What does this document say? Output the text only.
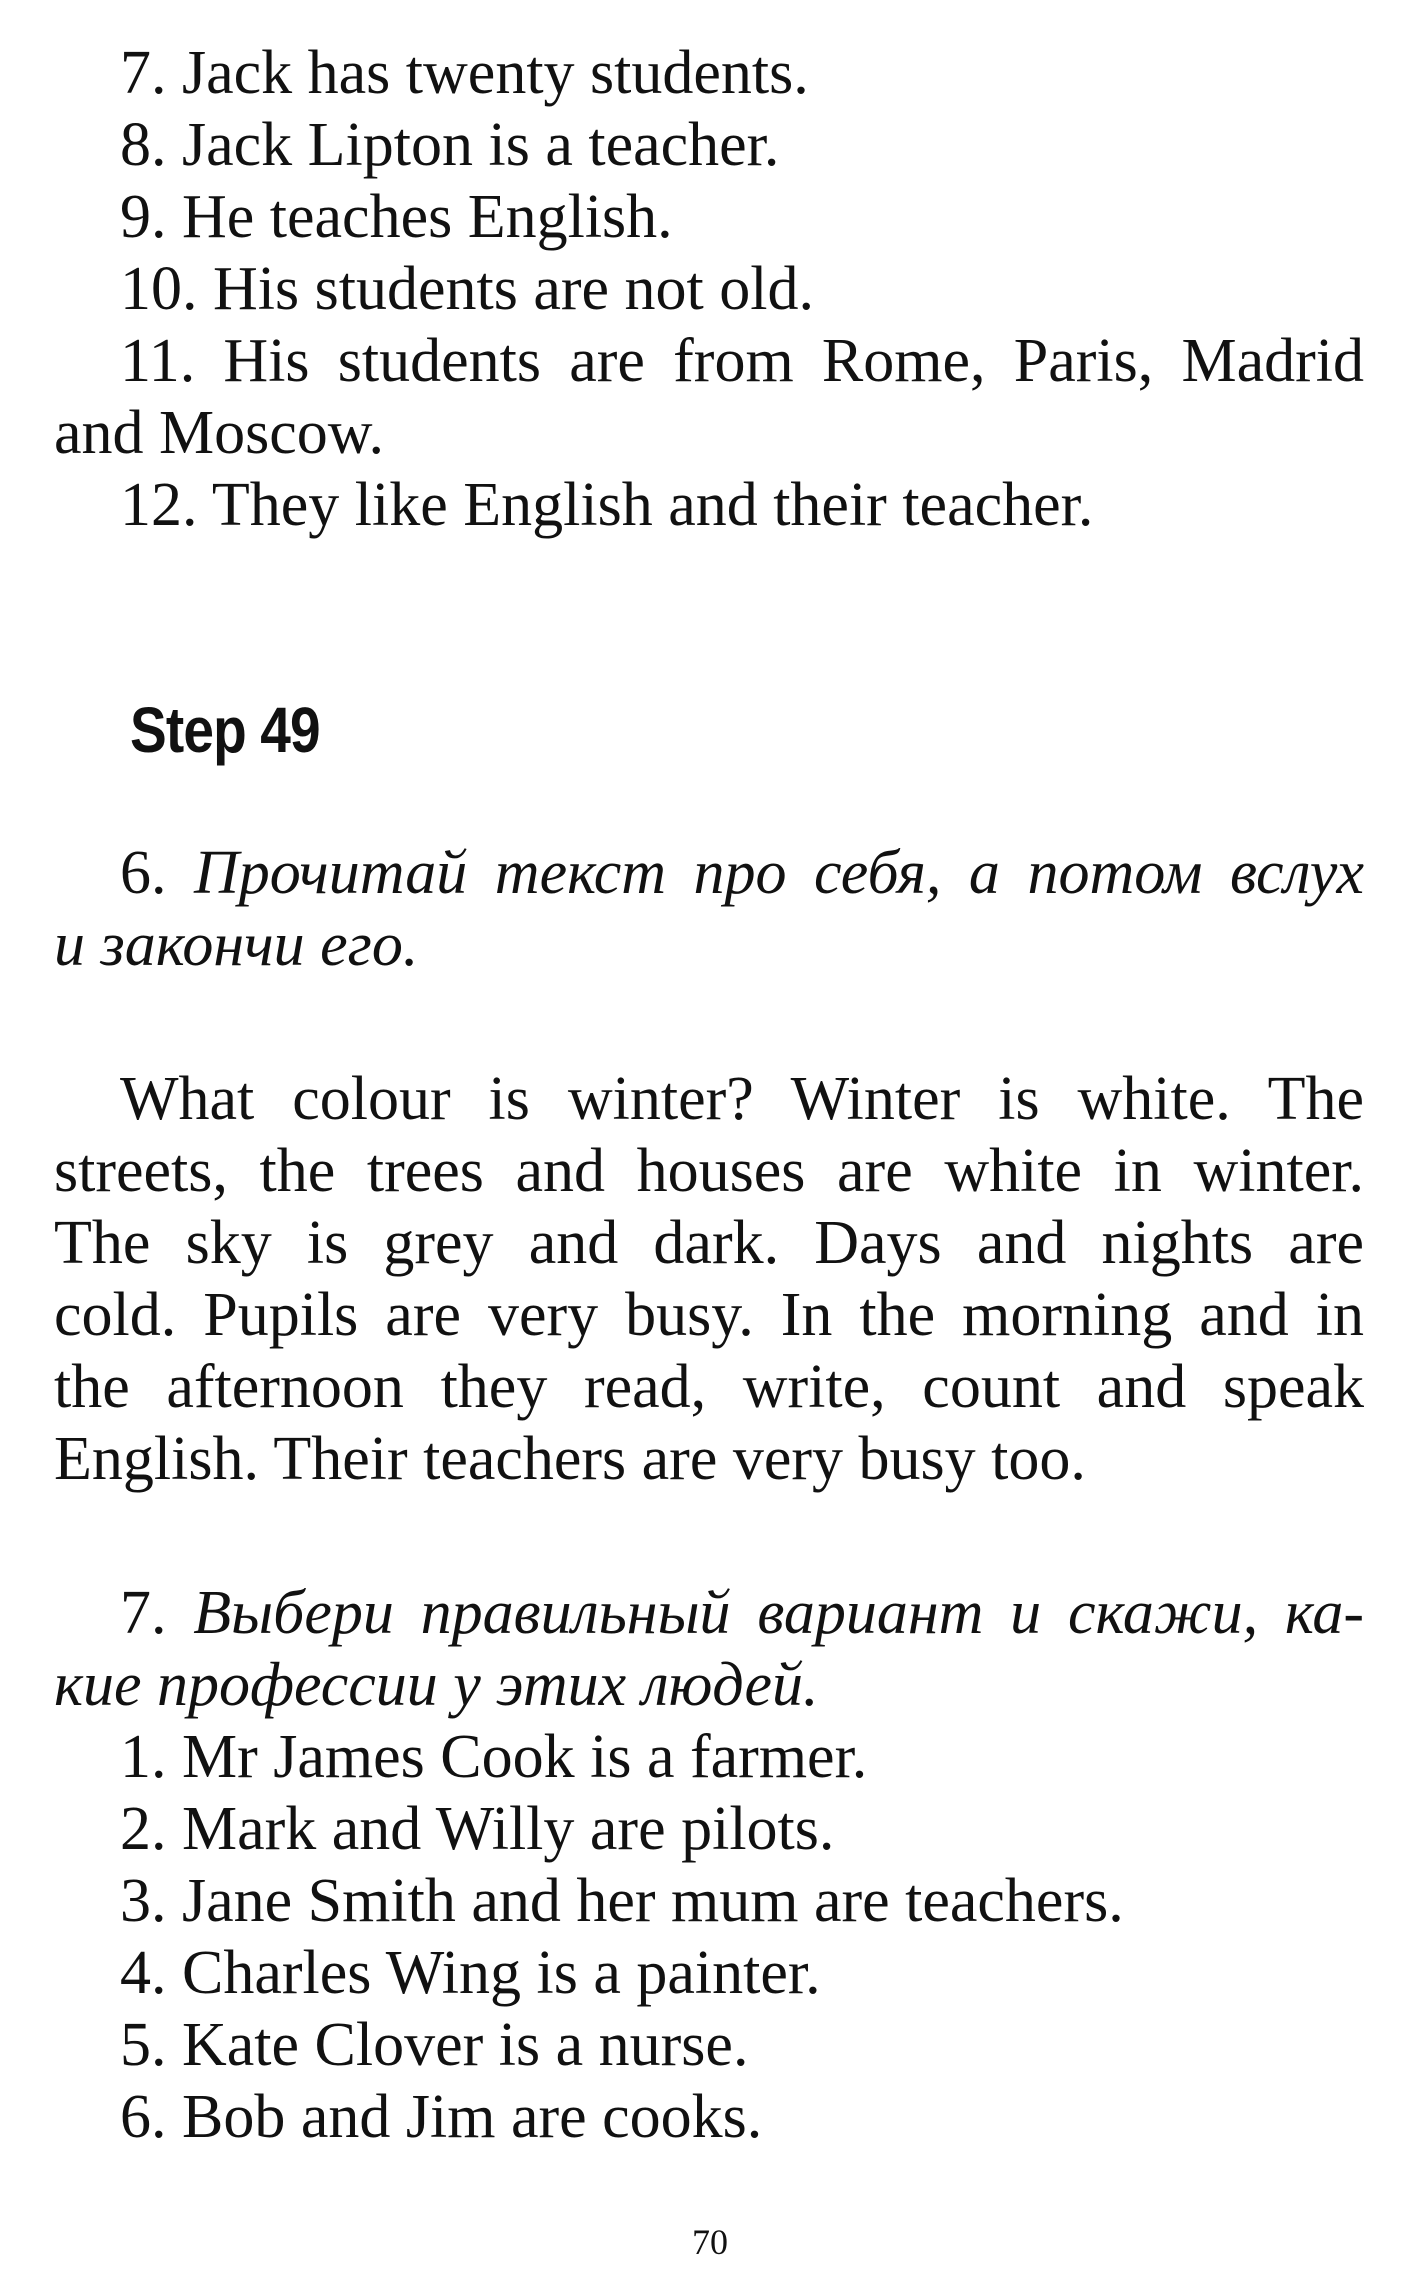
7. Jack has twenty students.
8. Jack Lipton is a teacher.
9. He teaches English.
10. His students are not old.
11. His students are from Rome, Paris, Madrid
and Moscow.
12. They like English and their teacher.
Step 49
6. Прочитай текст про себя, а потом вслух
и закончи его.
What colour is winter? Winter is white. The
streets, the trees and houses are white in winter.
The sky is grey and dark. Days and nights are
cold. Pupils are very busy. In the morning and in
the afternoon they read, write, count and speak
English. Their teachers are very busy too.
7. Выбери правильный вариант и скажи, ка-
кие профессии у этих людей.
1. Mr James Cook is a farmer.
2. Mark and Willy are pilots.
3. Jane Smith and her mum are teachers.
4. Charles Wing is a painter.
5. Kate Clover is a nurse.
6. Bob and Jim are cooks.
70
